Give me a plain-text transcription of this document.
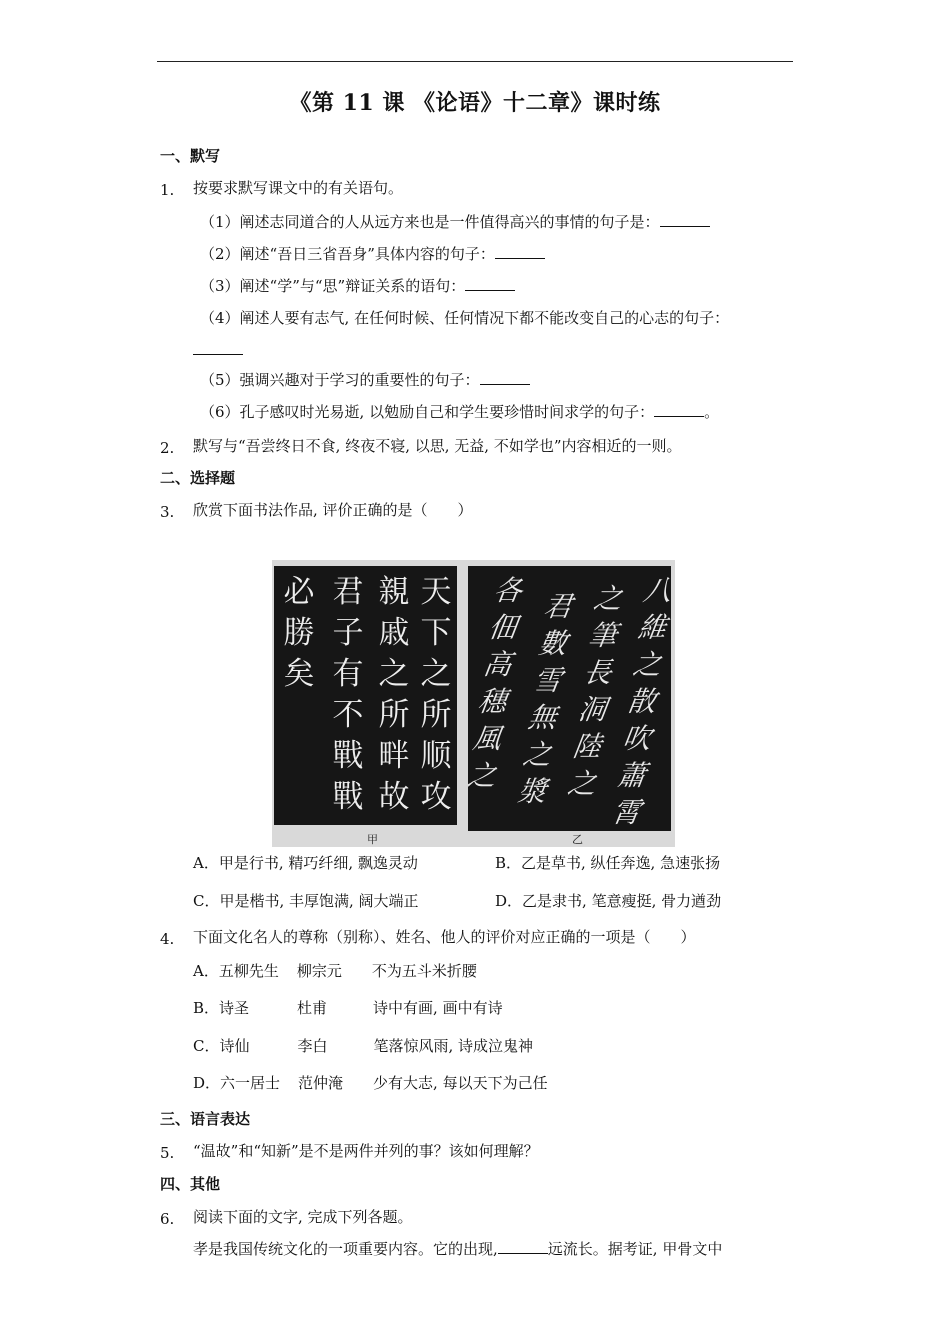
《第 11 课 《论语》十二章》课时练
一、默写
1. 按要求默写课文中的有关语句。
（1）阐述志同道合的人从远方来也是一件值得高兴的事情的句子是：
（2）阐述“吾日三省吾身”具体内容的句子：
（3）阐述“学”与“思”辩证关系的语句：
（4）阐述人要有志气, 在任何时候、任何情况下都不能改变自己的心志的句子：
（5）强调兴趣对于学习的重要性的句子：
（6）孔子感叹时光易逝, 以勉励自己和学生要珍惜时间求学的句子：	。
2. 默写与“吾尝终日不食, 终夜不寝, 以思, 无益, 不如学也”内容相近的一则。
二、选择题
3. 欣赏下面书法作品, 评价正确的是（　　）
天
下
之
所
顺
攻
親
戚
之
所
畔
故
君
子
有
不
戰
戰
必
勝
矣
八
維
之
散
吹
蕭
霄
之
筆
長
洞
陸
之
君
數
雪
無
之
漿
各
佃
高
穗
風
之
甲	乙
A．甲是行书, 精巧纤细, 飘逸灵动	B．乙是草书, 纵任奔逸, 急速张扬
C．甲是楷书, 丰厚饱满, 阔大端正	D．乙是隶书, 笔意瘦挺, 骨力遒劲
4. 下面文化名人的尊称（别称）、姓名、他人的评价对应正确的一项是（　　）
A．五柳先生 柳宗元 不为五斗米折腰
B．诗圣	杜甫	诗中有画, 画中有诗
C．诗仙	李白	笔落惊风雨, 诗成泣鬼神
D．六一居士 范仲淹 少有大志, 每以天下为己任
三、语言表达
5. “温故”和“知新”是不是两件并列的事？该如何理解？
四、其他
6. 阅读下面的文字, 完成下列各题。
孝是我国传统文化的一项重要内容。它的出现,	远流长。据考证, 甲骨文中
